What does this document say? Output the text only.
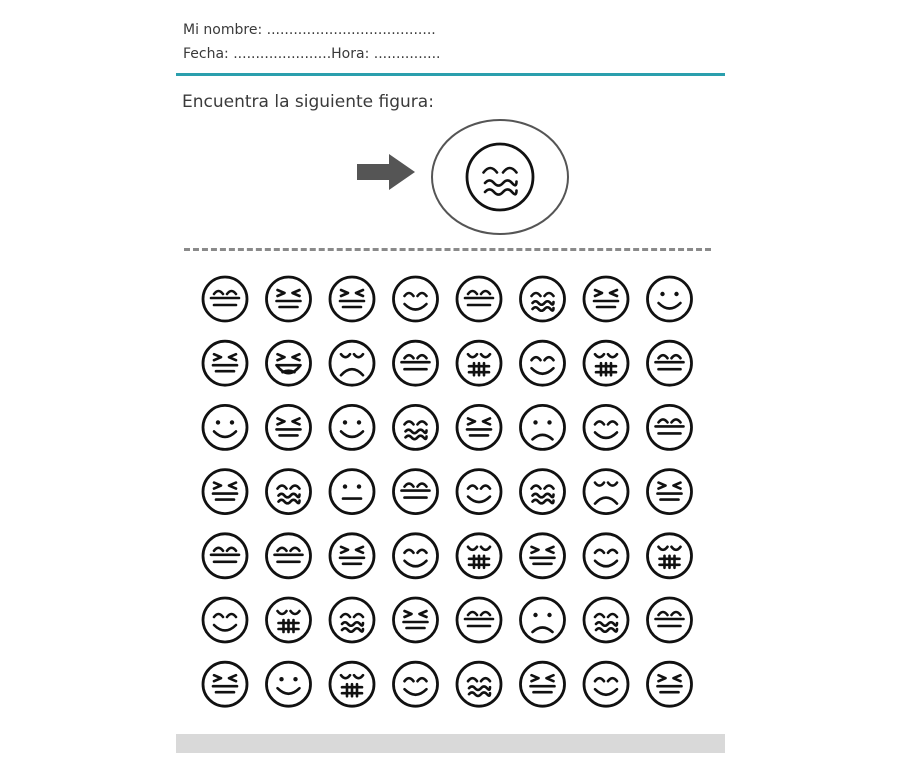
Mi nombre: ......................................
Fecha: ......................Hora: ...............
Encuentra la siguiente figura:
